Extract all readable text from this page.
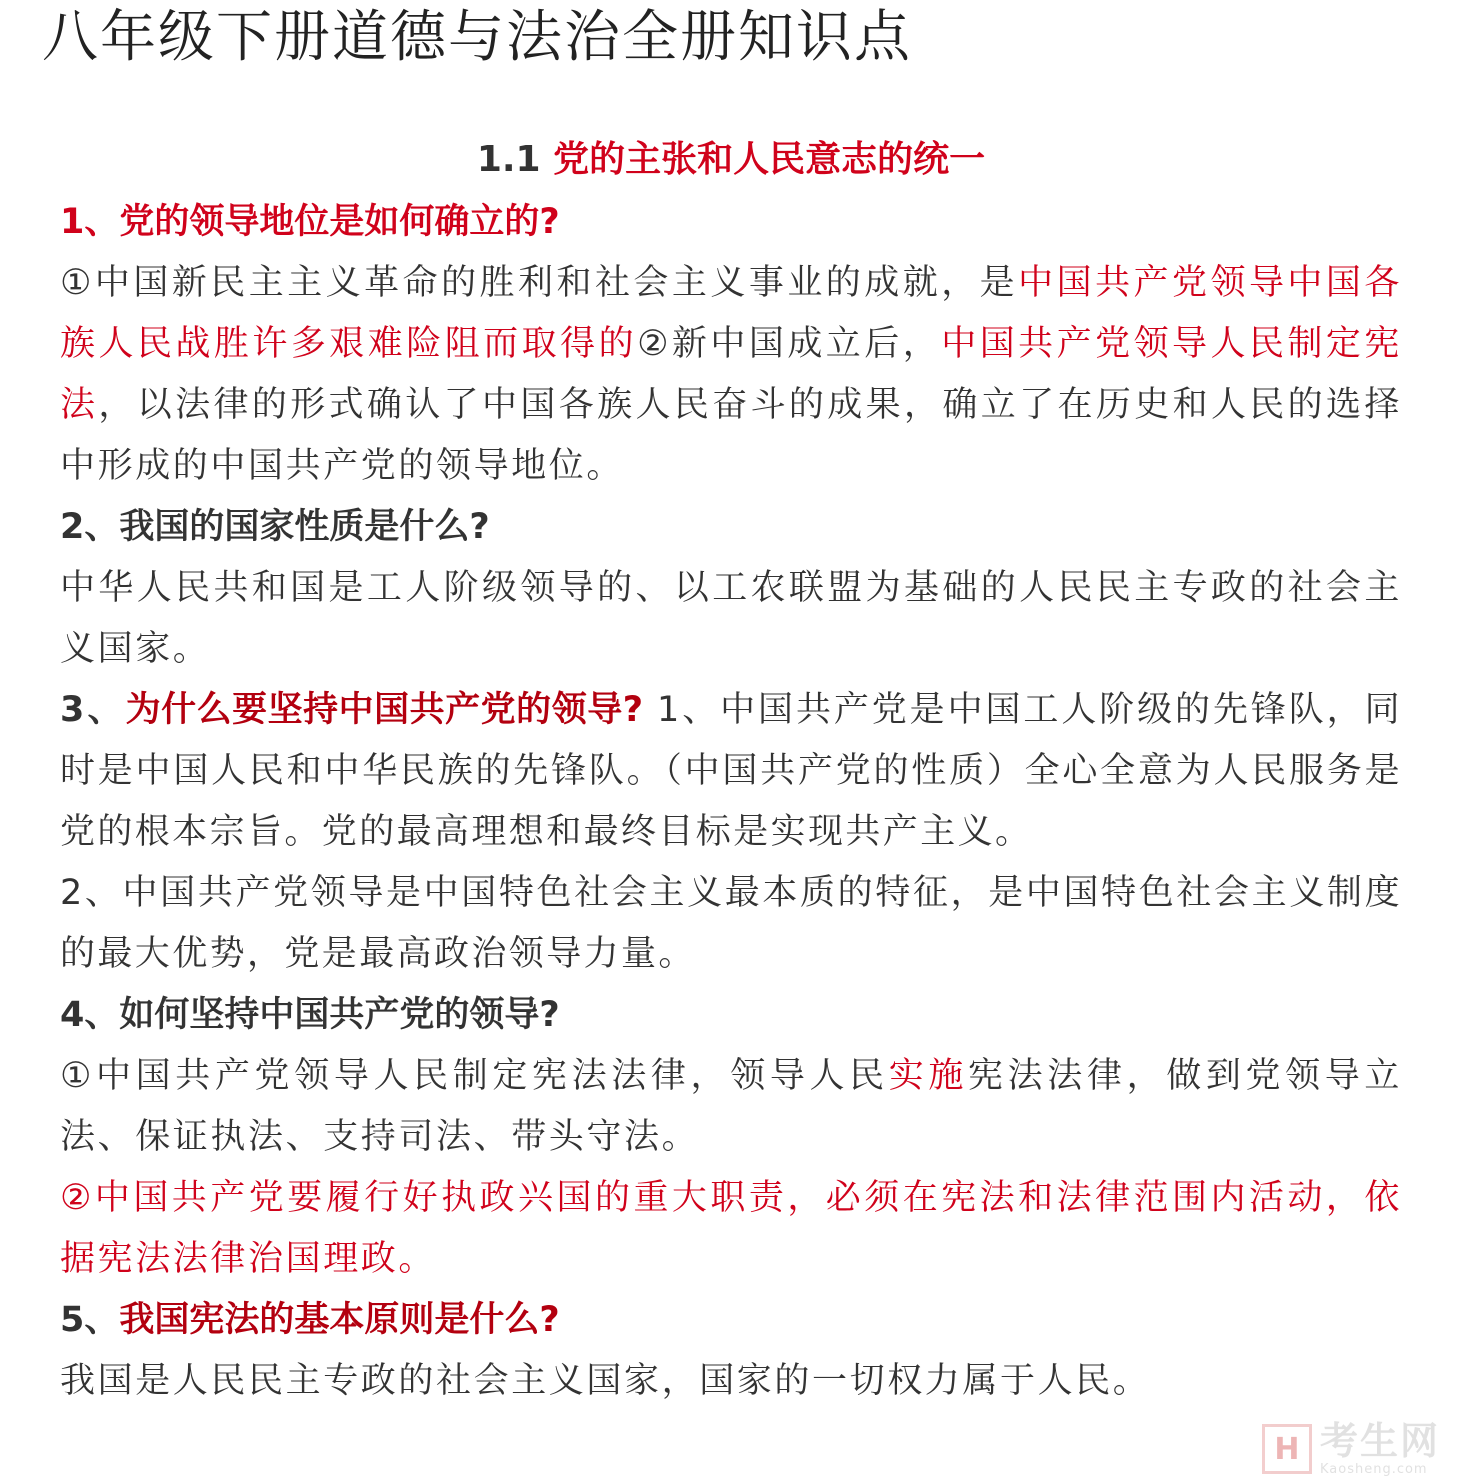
八年级下册道德与法治全册知识点
1.1 党的主张和人民意志的统一
1、党的领导地位是如何确立的?

①中国新民主主义革命的胜利和社会主义事业的成就，是中国共产党领导中国各族人民战胜许多艰难险阻而取得的②新中国成立后，中国共产党领导人民制定宪法，以法律的形式确认了中国各族人民奋斗的成果，确立了在历史和人民的选择中形成的中国共产党的领导地位。

2、我国的国家性质是什么?

中华人民共和国是工人阶级领导的、以工农联盟为基础的人民民主专政的社会主义国家。

3、为什么要坚持中国共产党的领导? 1、中国共产党是中国工人阶级的先锋队，同时是中国人民和中华民族的先锋队。（中国共产党的性质）全心全意为人民服务是党的根本宗旨。党的最高理想和最终目标是实现共产主义。

2、中国共产党领导是中国特色社会主义最本质的特征，是中国特色社会主义制度的最大优势，党是最高政治领导力量。

4、如何坚持中国共产党的领导?

①中国共产党领导人民制定宪法法律，领导人民实施宪法法律，做到党领导立法、保证执法、支持司法、带头守法。

②中国共产党要履行好执政兴国的重大职责，必须在宪法和法律范围内活动，依据宪法法律治国理政。

5、我国宪法的基本原则是什么?

我国是人民民主专政的社会主义国家，国家的一切权力属于人民。

H 考生网
Kaosheng.com
